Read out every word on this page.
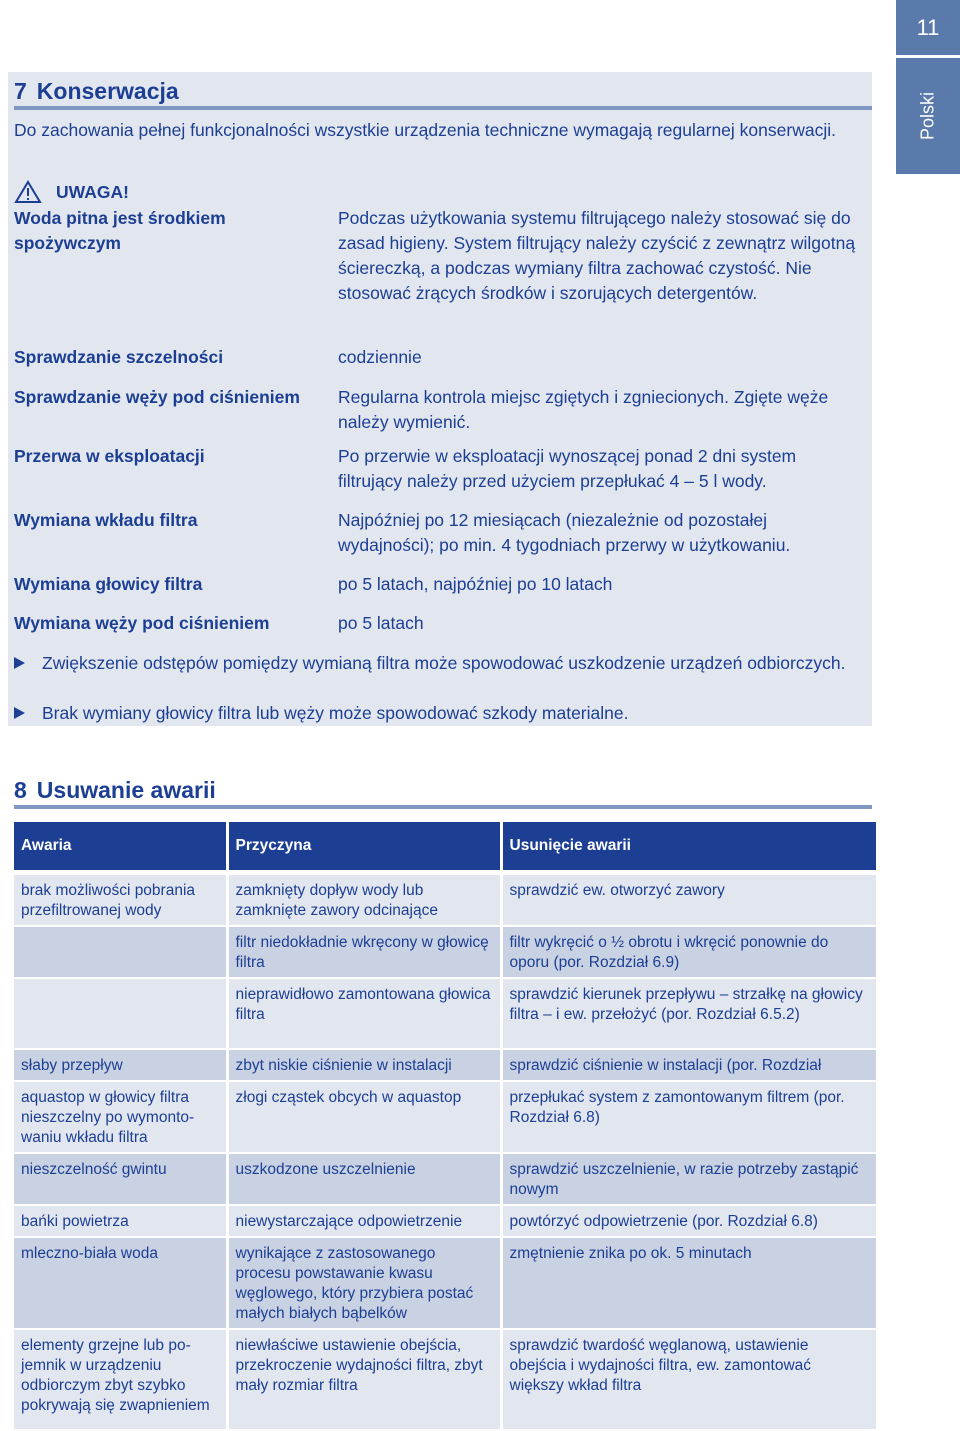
11
Polski
7 Konserwacja
Do zachowania pełnej funkcjonalności wszystkie urządzenia techniczne wymagają regularnej konserwacji.
UWAGA!
Woda pitna jest środkiem spożywczym
Podczas użytkowania systemu filtrującego należy stosować się do zasad higieny. System filtrujący należy czyścić z zewnątrz wilgotną ściereczką, a podczas wymiany filtra zachować czystość. Nie stosować żrących środków i szorujących detergentów.
Sprawdzanie szczelności	codziennie
Sprawdzanie węży pod ciśnieniem	Regularna kontrola miejsc zgiętych i zgniecionych. Zgięte węże należy wymienić.
Przerwa w eksploatacji	Po przerwie w eksploatacji wynoszącej ponad 2 dni system filtrujący należy przed użyciem przepłukać 4 – 5 l wody.
Wymiana wkładu filtra	Najpóźniej po 12 miesiącach (niezależnie od pozostałej wydajności); po min. 4 tygodniach przerwy w użytkowaniu.
Wymiana głowicy filtra	po 5 latach, najpóźniej po 10 latach
Wymiana węży pod ciśnieniem	po 5 latach
Zwiększenie odstępów pomiędzy wymianą filtra może spowodować uszkodzenie urządzeń odbiorczych.
Brak wymiany głowicy filtra lub węży może spowodować szkody materialne.
8 Usuwanie awarii
Awaria	Przyczyna	Usunięcie awarii
brak możliwości pobrania przefiltrowanej wody	zamknięty dopływ wody lub zamknięte zawory odcinające	sprawdzić ew. otworzyć zawory
	filtr niedokładnie wkręcony w głowicę filtra	filtr wykręcić o ½ obrotu i wkręcić ponownie do oporu (por. Rozdział 6.9)
	nieprawidłowo zamontowana głowica filtra	sprawdzić kierunek przepływu – strzałkę na głowicy filtra – i ew. przełożyć (por. Rozdział 6.5.2)
słaby przepływ	zbyt niskie ciśnienie w instalacji	sprawdzić ciśnienie w instalacji (por. Rozdział
aquastop w głowicy filtra nieszczelny po wymontowaniu wkładu filtra	złogi cząstek obcych w aquastop	przepłukać system z zamontowanym filtrem (por. Rozdział 6.8)
nieszczelność gwintu	uszkodzone uszczelnienie	sprawdzić uszczelnienie, w razie potrzeby zastąpić nowym
bańki powietrza	niewystarczające odpowietrzenie	powtórzyć odpowietrzenie (por. Rozdział 6.8)
mleczno-biała woda	wynikające z zastosowanego procesu powstawanie kwasu węglowego, który przybiera postać małych białych bąbelków	zmętnienie znika po ok. 5 minutach
elementy grzejne lub pojemnik w urządzeniu odbiorczym zbyt szybko pokrywają się zwapnieniem	niewłaściwe ustawienie obejścia, przekroczenie wydajności filtra, zbyt mały rozmiar filtra	sprawdzić twardość węglanową, ustawienie obejścia i wydajności filtra, ew. zamontować większy wkład filtra
